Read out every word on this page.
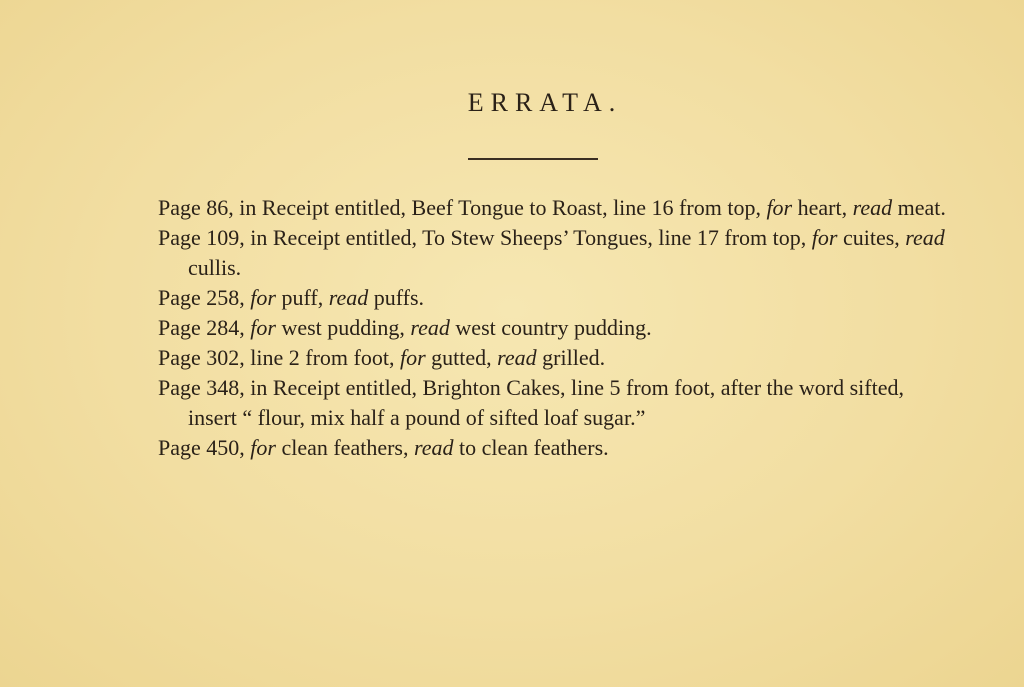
ERRATA.
Page 86, in Receipt entitled, Beef Tongue to Roast, line 16 from top, for heart, read meat.
Page 109, in Receipt entitled, To Stew Sheeps’ Tongues, line 17 from top, for cuites, read cullis.
Page 258, for puff, read puffs.
Page 284, for west pudding, read west country pudding.
Page 302, line 2 from foot, for gutted, read grilled.
Page 348, in Receipt entitled, Brighton Cakes, line 5 from foot, after the word sifted, insert “ flour, mix half a pound of sifted loaf sugar.”
Page 450, for clean feathers, read to clean feathers.
